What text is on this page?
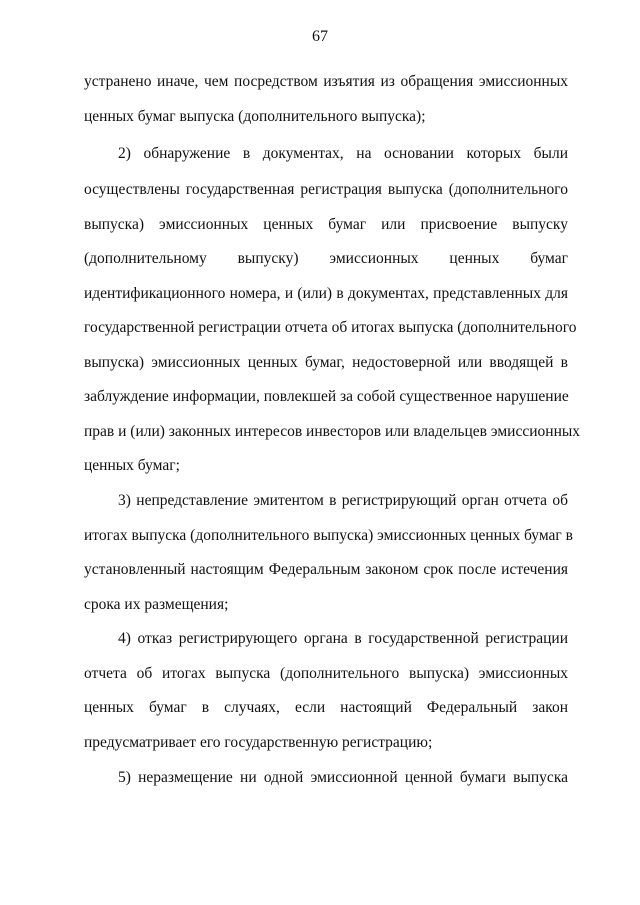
67
устранено иначе, чем посредством изъятия из обращения эмиссионных
ценных бумаг выпуска (дополнительного выпуска);
2) обнаружение в документах, на основании которых были
осуществлены государственная регистрация выпуска (дополнительного
выпуска) эмиссионных ценных бумаг или присвоение выпуску
(дополнительному выпуску) эмиссионных ценных бумаг
идентификационного номера, и (или) в документах, представленных для
государственной регистрации отчета об итогах выпуска (дополнительного
выпуска) эмиссионных ценных бумаг, недостоверной или вводящей в
заблуждение информации, повлекшей за собой существенное нарушение
прав и (или) законных интересов инвесторов или владельцев эмиссионных
ценных бумаг;
3) непредставление эмитентом в регистрирующий орган отчета об
итогах выпуска (дополнительного выпуска) эмиссионных ценных бумаг в
установленный настоящим Федеральным законом срок после истечения
срока их размещения;
4) отказ регистрирующего органа в государственной регистрации
отчета об итогах выпуска (дополнительного выпуска) эмиссионных
ценных бумаг в случаях, если настоящий Федеральный закон
предусматривает его государственную регистрацию;
5) неразмещение ни одной эмиссионной ценной бумаги выпуска
